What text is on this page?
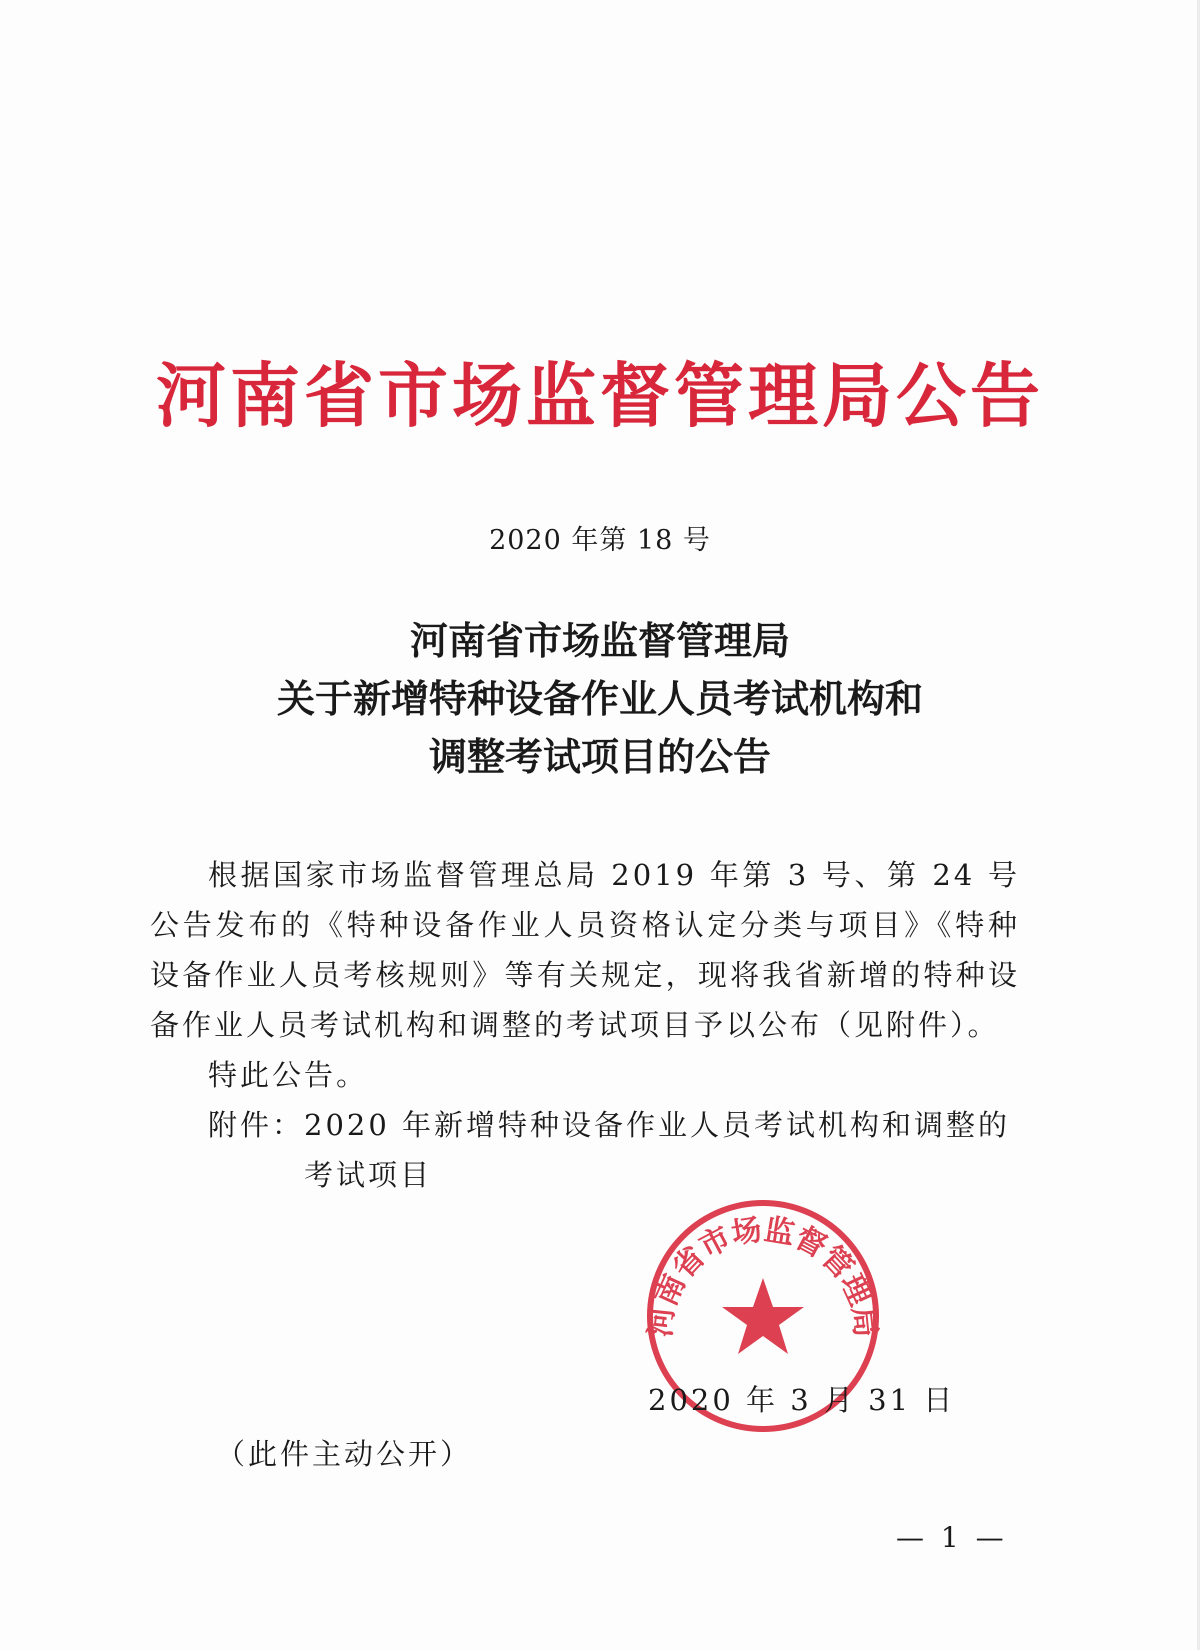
河南省市场监督管理局公告
2020 年第 18 号
河南省市场监督管理局
关于新增特种设备作业人员考试机构和
调整考试项目的公告

根据国家市场监督管理总局 2019 年第 3 号、第 24 号公告发布的《特种设备作业人员资格认定分类与项目》《特种设备作业人员考核规则》等有关规定，现将我省新增的特种设备作业人员考试机构和调整的考试项目予以公布（见附件）。

特此公告。

附件： 2020 年新增特种设备作业人员考试机构和调整的考试项目
河南省市场监督管理局
2020 年 3 月 31 日
（此件主动公开）
— 1 —
